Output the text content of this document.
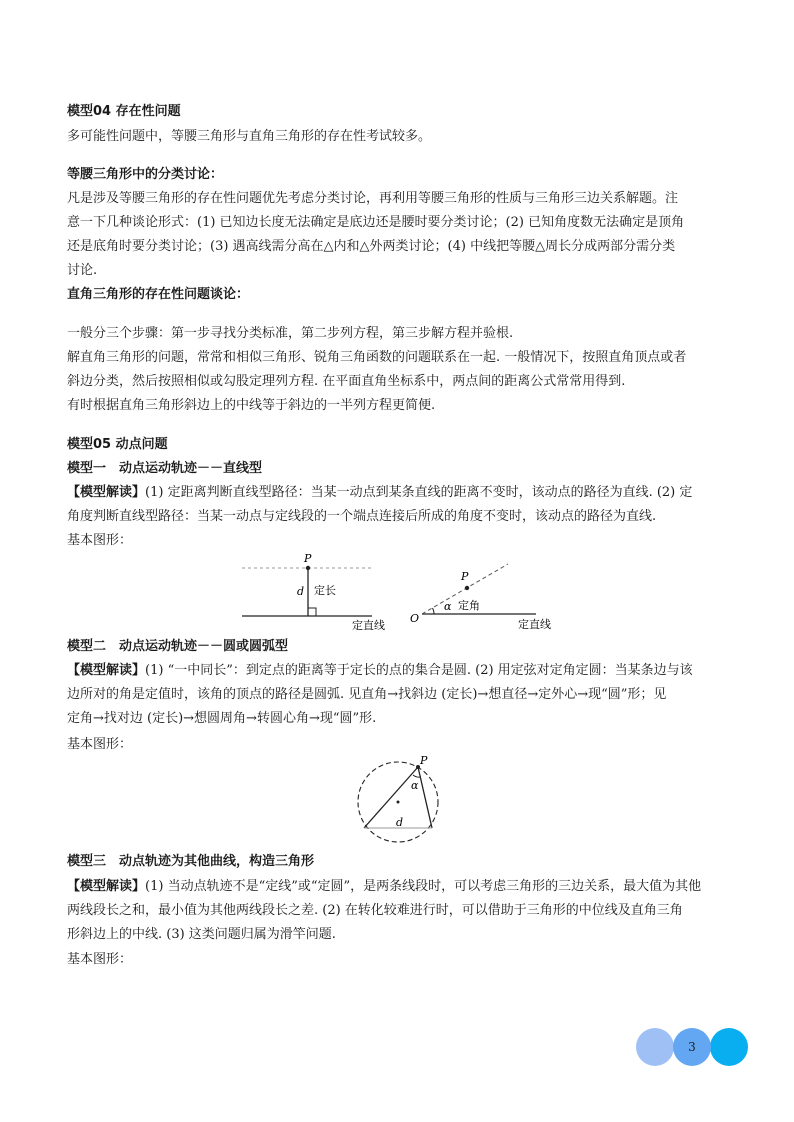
模型04 存在性问题
多可能性问题中，等腰三角形与直角三角形的存在性考试较多。
等腰三角形中的分类讨论：
凡是涉及等腰三角形的存在性问题优先考虑分类讨论，再利用等腰三角形的性质与三角形三边关系解题。注
意一下几种谈论形式：(1) 已知边长度无法确定是底边还是腰时要分类讨论；(2) 已知角度数无法确定是顶角
还是底角时要分类讨论；(3) 遇高线需分高在△内和△外两类讨论；(4) 中线把等腰△周长分成两部分需分类
讨论.
直角三角形的存在性问题谈论：
一般分三个步骤：第一步寻找分类标准，第二步列方程，第三步解方程并验根.
解直角三角形的问题，常常和相似三角形、锐角三角函数的问题联系在一起. 一般情况下，按照直角顶点或者
斜边分类，然后按照相似或勾股定理列方程. 在平面直角坐标系中，两点间的距离公式常常用得到.
有时根据直角三角形斜边上的中线等于斜边的一半列方程更简便.
模型05 动点问题
模型一　动点运动轨迹－－直线型
【模型解读】(1) 定距离判断直线型路径：当某一动点到某条直线的距离不变时，该动点的路径为直线. (2) 定
角度判断直线型路径：当某一动点与定线段的一个端点连接后所成的角度不变时，该动点的路径为直线.
基本图形：
P
d 定长
定直线
P
O
α 定角
定直线
模型二　动点运动轨迹－－圆或圆弧型
【模型解读】(1) “一中同长”：到定点的距离等于定长的点的集合是圆. (2) 用定弦对定角定圆：当某条边与该
边所对的角是定值时，该角的顶点的路径是圆弧. 见直角→找斜边 (定长)→想直径→定外心→现“圆”形；见
定角→找对边 (定长)→想圆周角→转圆心角→现“圆”形.
基本图形：
P
α
d
模型三　动点轨迹为其他曲线，构造三角形
【模型解读】(1) 当动点轨迹不是“定线”或“定圆”，是两条线段时，可以考虑三角形的三边关系，最大值为其他
两线段长之和，最小值为其他两线段长之差. (2) 在转化较难进行时，可以借助于三角形的中位线及直角三角
形斜边上的中线. (3) 这类问题归属为滑竿问题.
基本图形：
3
